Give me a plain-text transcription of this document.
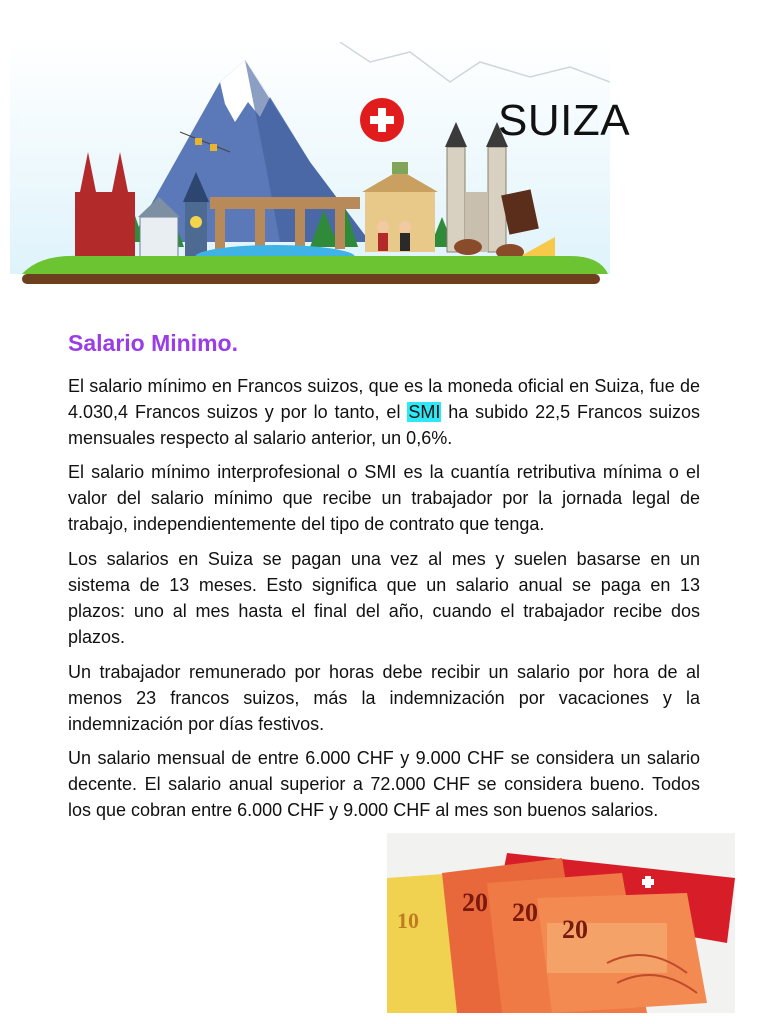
SUIZA
Salario Minimo.
El salario mínimo en Francos suizos, que es la moneda oficial en Suiza, fue de 4.030,4 Francos suizos y por lo tanto, el SMI ha subido 22,5 Francos suizos mensuales respecto al salario anterior, un 0,6%.
El salario mínimo interprofesional o SMI es la cuantía retributiva mínima o el valor del salario mínimo que recibe un trabajador por la jornada legal de trabajo, independientemente del tipo de contrato que tenga.
Los salarios en Suiza se pagan una vez al mes y suelen basarse en un sistema de 13 meses. Esto significa que un salario anual se paga en 13 plazos: uno al mes hasta el final del año, cuando el trabajador recibe dos plazos.
Un trabajador remunerado por horas debe recibir un salario por hora de al menos 23 francos suizos, más la indemnización por vacaciones y la indemnización por días festivos.
Un salario mensual de entre 6.000 CHF y 9.000 CHF se considera un salario decente. El salario anual superior a 72.000 CHF se considera bueno. Todos los que cobran entre 6.000 CHF y 9.000 CHF al mes son buenos salarios.
10
20 20
20
